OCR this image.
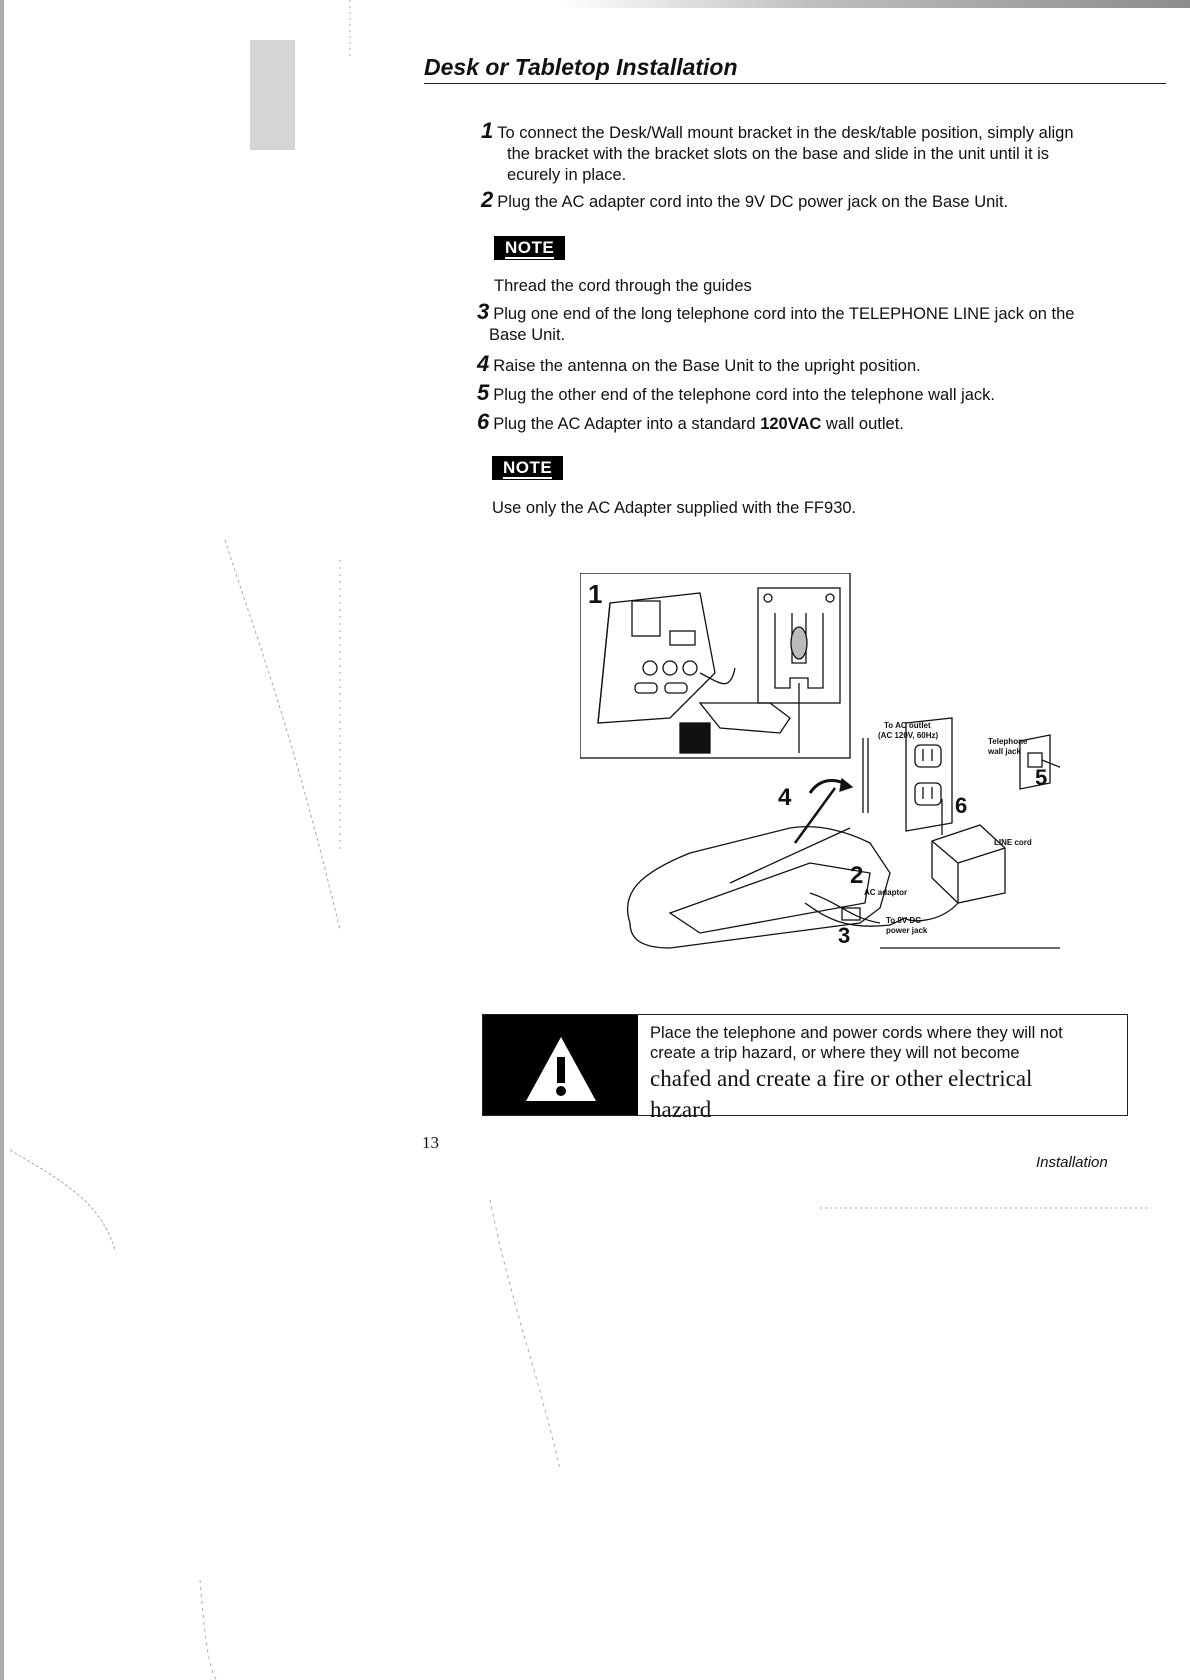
Desk or Tabletop Installation
1 To connect the Desk/Wall mount bracket in the desk/table position, simply align
the bracket with the bracket slots on the base and slide in the unit until it is
ecurely in place.
2 Plug the AC adapter cord into the 9V DC power jack on the Base Unit.
NOTE
Thread the cord through the guides
3 Plug one end of the long telephone cord into the TELEPHONE LINE jack on the
Base Unit.
4 Raise the antenna on the Base Unit to the upright position.
5 Plug the other end of the telephone cord into the telephone wall jack.
6 Plug the AC Adapter into a standard 120VAC wall outlet.
NOTE
Use only the AC Adapter supplied with the FF930.
1
2
3
4
5
6
To AC outlet
(AC 120V, 60Hz)
Telephone
wall jack
LINE cord
AC adaptor
To 9V DC
power jack
Place the telephone and power cords where they will not
create a trip hazard, or where they will not become
chafed and create a fire or other electrical
hazard
13
Installation
